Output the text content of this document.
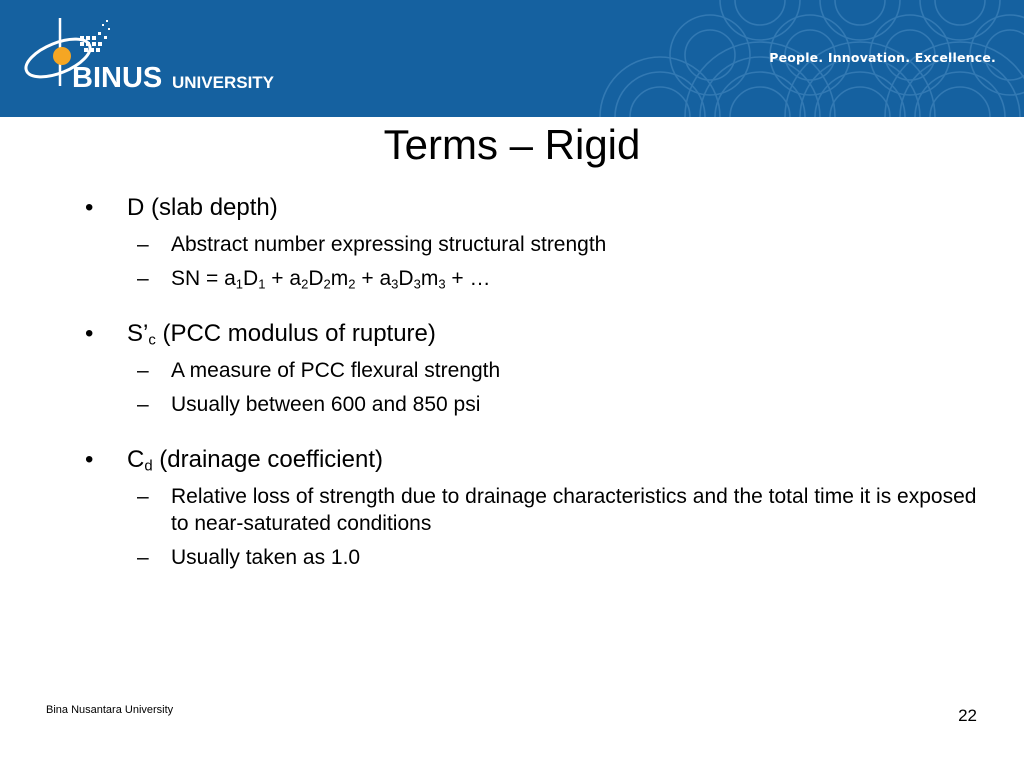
BINUS UNIVERSITY
People. Innovation. Excellence.
Terms – Rigid

• D (slab depth)

– Abstract number expressing structural strength

– SN = $a_1D_1 + a_2D_2m_2 + a_3D_3m_3$ + …

• $S’_c$ (PCC modulus of rupture)

– A measure of PCC flexural strength

– Usually between 600 and 850 psi

• $C_d$ (drainage coefficient)

– Relative loss of strength due to drainage characteristics and the total time it is exposed to near-saturated conditions

– Usually taken as 1.0

Bina Nusantara University	22
